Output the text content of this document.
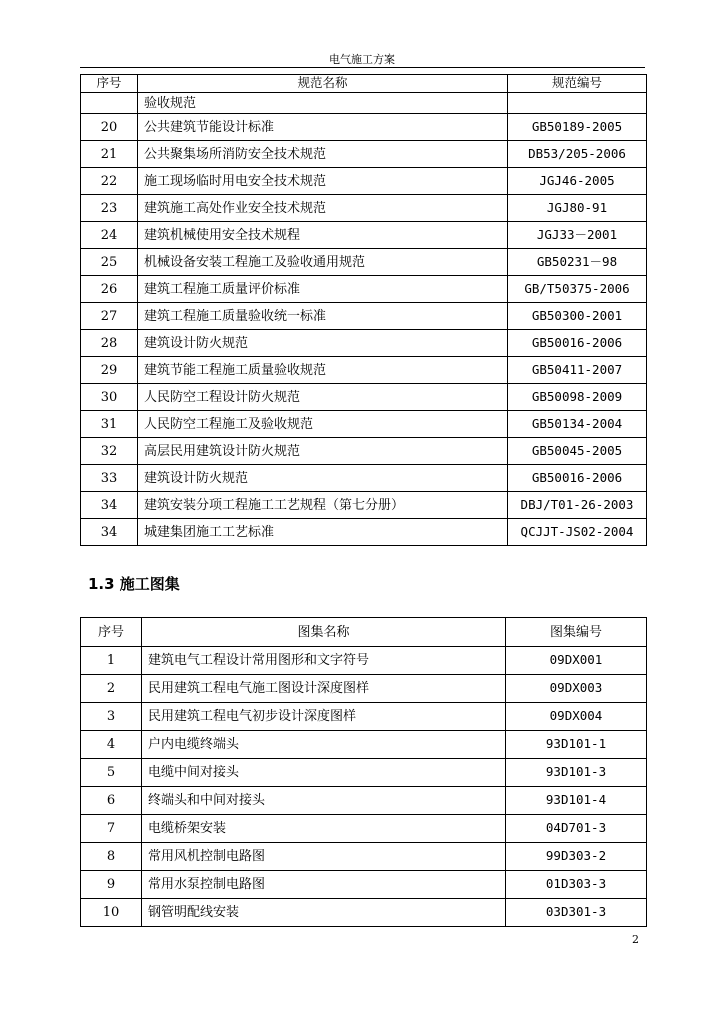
电气施工方案
序号	规范名称	规范编号
	验收规范	
20	公共建筑节能设计标准	GB50189-2005
21	公共聚集场所消防安全技术规范	DB53/205-2006
22	施工现场临时用电安全技术规范	JGJ46-2005
23	建筑施工高处作业安全技术规范	JGJ80-91
24	建筑机械使用安全技术规程	JGJ33－2001
25	机械设备安装工程施工及验收通用规范	GB50231－98
26	建筑工程施工质量评价标准	GB/T50375-2006
27	建筑工程施工质量验收统一标准	GB50300-2001
28	建筑设计防火规范	GB50016-2006
29	建筑节能工程施工质量验收规范	GB50411-2007
30	人民防空工程设计防火规范	GB50098-2009
31	人民防空工程施工及验收规范	GB50134-2004
32	高层民用建筑设计防火规范	GB50045-2005
33	建筑设计防火规范	GB50016-2006
34	建筑安装分项工程施工工艺规程（第七分册）	DBJ/T01-26-2003
34	城建集团施工工艺标准	QCJJT-JS02-2004
1.3 施工图集
序号	图集名称	图集编号
1	建筑电气工程设计常用图形和文字符号	09DX001
2	民用建筑工程电气施工图设计深度图样	09DX003
3	民用建筑工程电气初步设计深度图样	09DX004
4	户内电缆终端头	93D101-1
5	电缆中间对接头	93D101-3
6	终端头和中间对接头	93D101-4
7	电缆桥架安装	04D701-3
8	常用风机控制电路图	99D303-2
9	常用水泵控制电路图	01D303-3
10	钢管明配线安装	03D301-3
2
